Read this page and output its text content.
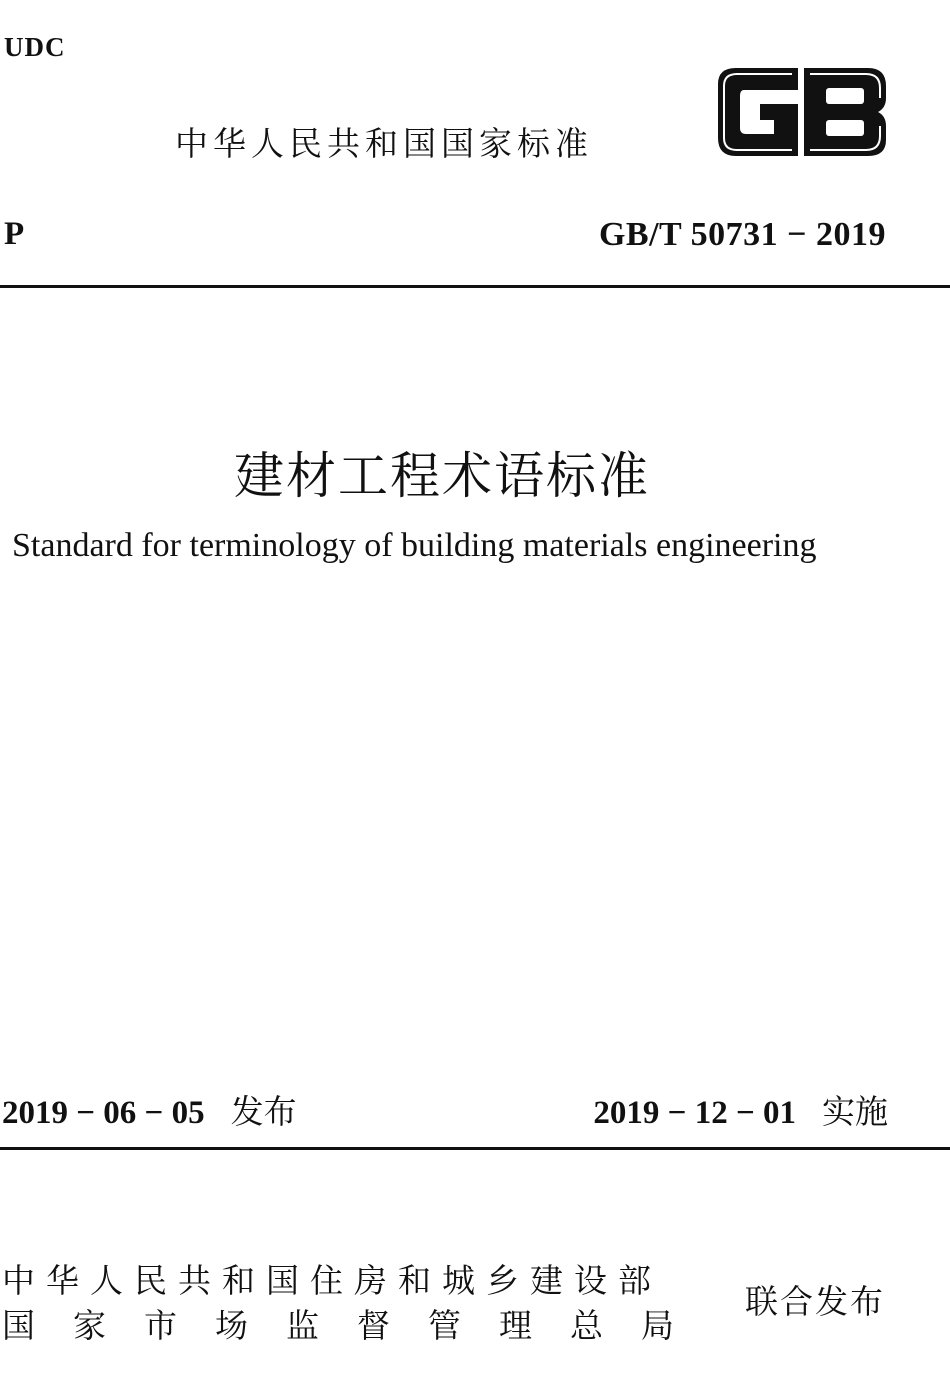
UDC
中华人民共和国国家标准
P	GB/T 50731 − 2019
建材工程术语标准
Standard for terminology of building materials engineering
2019 − 06 − 05 发布	2019 − 12 − 01 实施
中华人民共和国住房和城乡建设部
国家市场监督管理总局
联合发布
